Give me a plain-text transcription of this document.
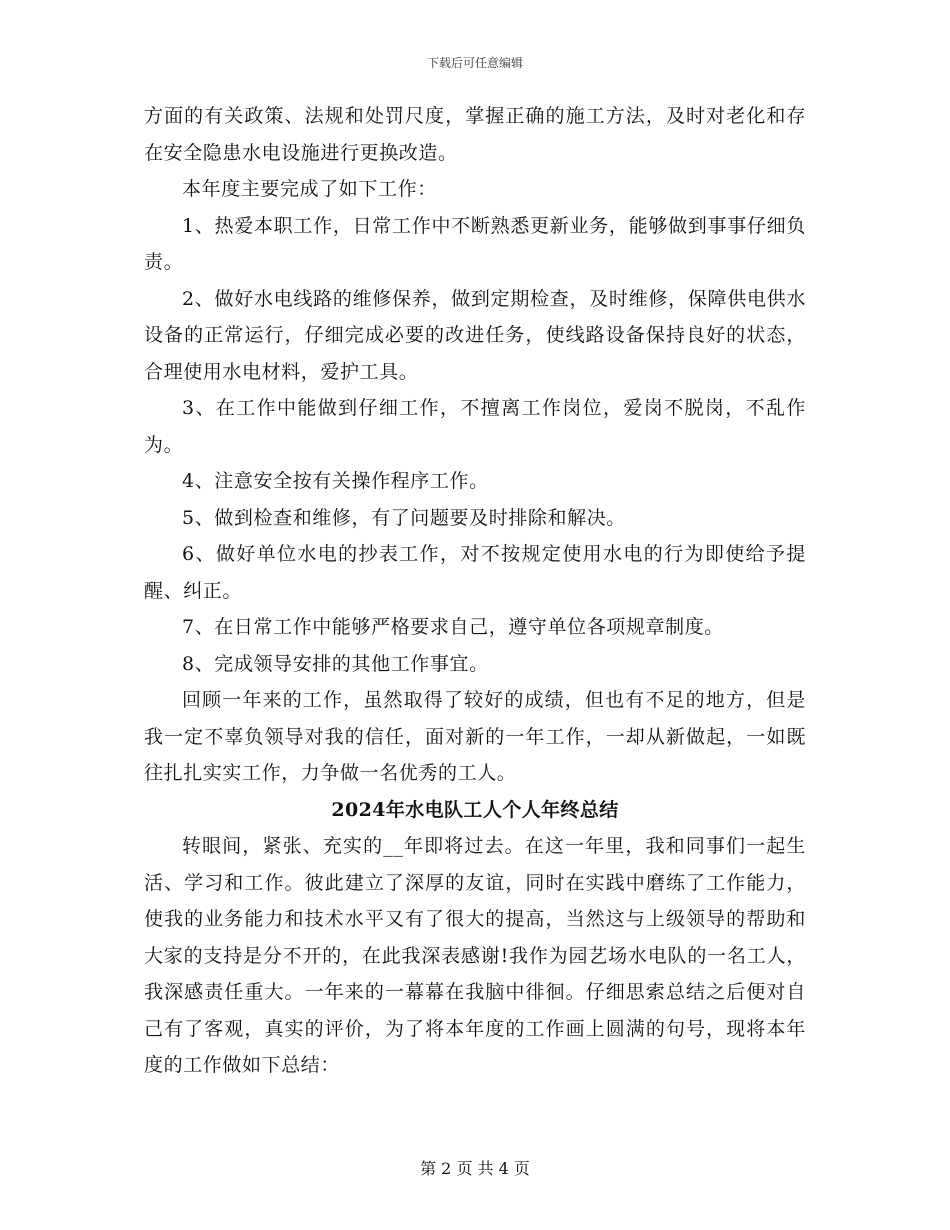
下载后可任意编辑

方面的有关政策、法规和处罚尺度，掌握正确的施工方法，及时对老化和存在安全隐患水电设施进行更换改造。

本年度主要完成了如下工作：

1、热爱本职工作，日常工作中不断熟悉更新业务，能够做到事事仔细负责。

2、做好水电线路的维修保养，做到定期检查，及时维修，保障供电供水设备的正常运行，仔细完成必要的改进任务，使线路设备保持良好的状态，合理使用水电材料，爱护工具。

3、在工作中能做到仔细工作，不擅离工作岗位，爱岗不脱岗，不乱作为。

4、注意安全按有关操作程序工作。

5、做到检查和维修，有了问题要及时排除和解决。

6、做好单位水电的抄表工作，对不按规定使用水电的行为即使给予提醒、纠正。

7、在日常工作中能够严格要求自己，遵守单位各项规章制度。

8、完成领导安排的其他工作事宜。

回顾一年来的工作，虽然取得了较好的成绩，但也有不足的地方，但是我一定不辜负领导对我的信任，面对新的一年工作，一却从新做起，一如既往扎扎实实工作，力争做一名优秀的工人。

2024年水电队工人个人年终总结

转眼间，紧张、充实的__年即将过去。在这一年里，我和同事们一起生活、学习和工作。彼此建立了深厚的友谊，同时在实践中磨练了工作能力，使我的业务能力和技术水平又有了很大的提高，当然这与上级领导的帮助和大家的支持是分不开的，在此我深表感谢!我作为园艺场水电队的一名工人，我深感责任重大。一年来的一幕幕在我脑中徘徊。仔细思索总结之后便对自己有了客观，真实的评价，为了将本年度的工作画上圆满的句号，现将本年度的工作做如下总结：

第 2 页 共 4 页
